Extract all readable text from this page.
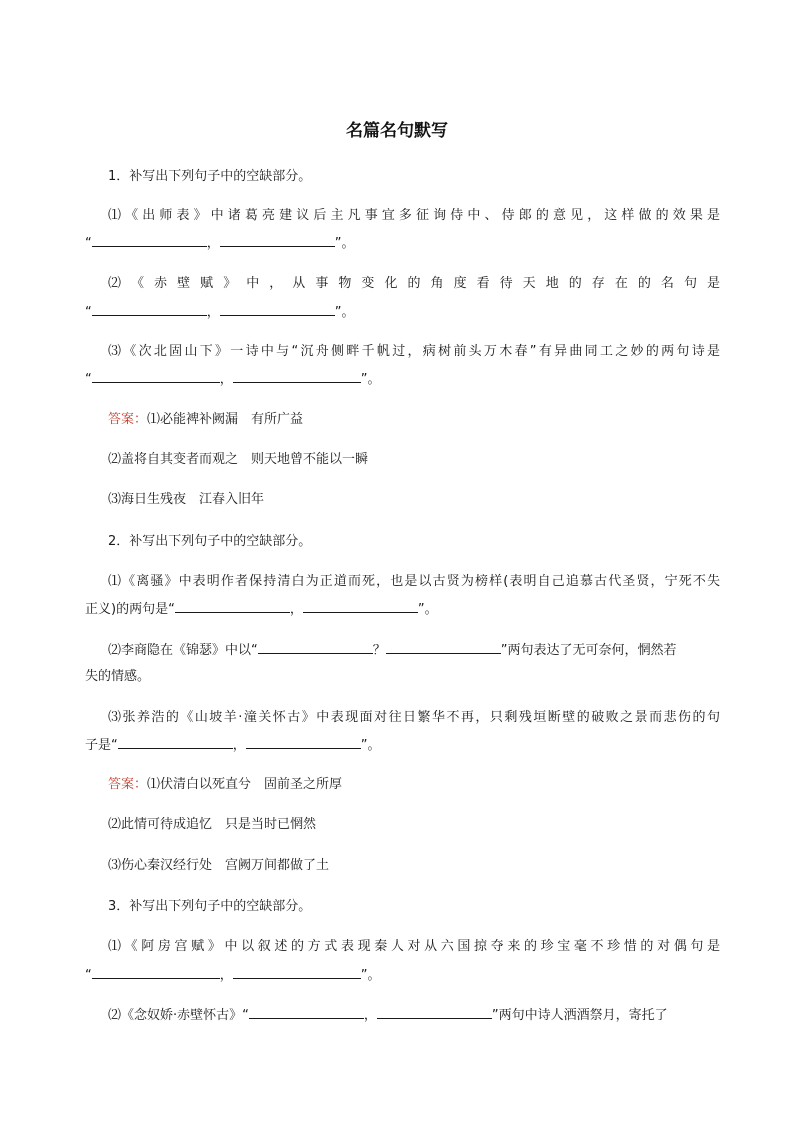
名篇名句默写
1．补写出下列句子中的空缺部分。
⑴《出师表》中诸葛亮建议后主凡事宜多征询侍中、侍郎的意见，这样做的效果是
“	，	”。
⑵《赤壁赋》中，从事物变化的角度看待天地的存在的名句是
“	，	”。
⑶《次北固山下》一诗中与“沉舟侧畔千帆过，病树前头万木春”有异曲同工之妙的两句诗是
“	，	”。
答案：⑴必能裨补阙漏　有所广益
⑵盖将自其变者而观之　则天地曾不能以一瞬
⑶海日生残夜　江春入旧年
2．补写出下列句子中的空缺部分。
⑴《离骚》中表明作者保持清白为正道而死，也是以古贤为榜样(表明自己追慕古代圣贤，宁死不失
正义)的两句是“	，	”。
⑵李商隐在《锦瑟》中以“	？	”两句表达了无可奈何，惘然若
失的情感。
⑶张养浩的《山坡羊·潼关怀古》中表现面对往日繁华不再，只剩残垣断壁的破败之景而悲伤的句
子是“	，	”。
答案：⑴伏清白以死直兮　固前圣之所厚
⑵此情可待成追忆　只是当时已惘然
⑶伤心秦汉经行处　宫阙万间都做了土
3．补写出下列句子中的空缺部分。
⑴《阿房宫赋》中以叙述的方式表现秦人对从六国掠夺来的珍宝毫不珍惜的对偶句是
“	，	”。
⑵《念奴娇·赤壁怀古》“	，	”两句中诗人洒酒祭月，寄托了
